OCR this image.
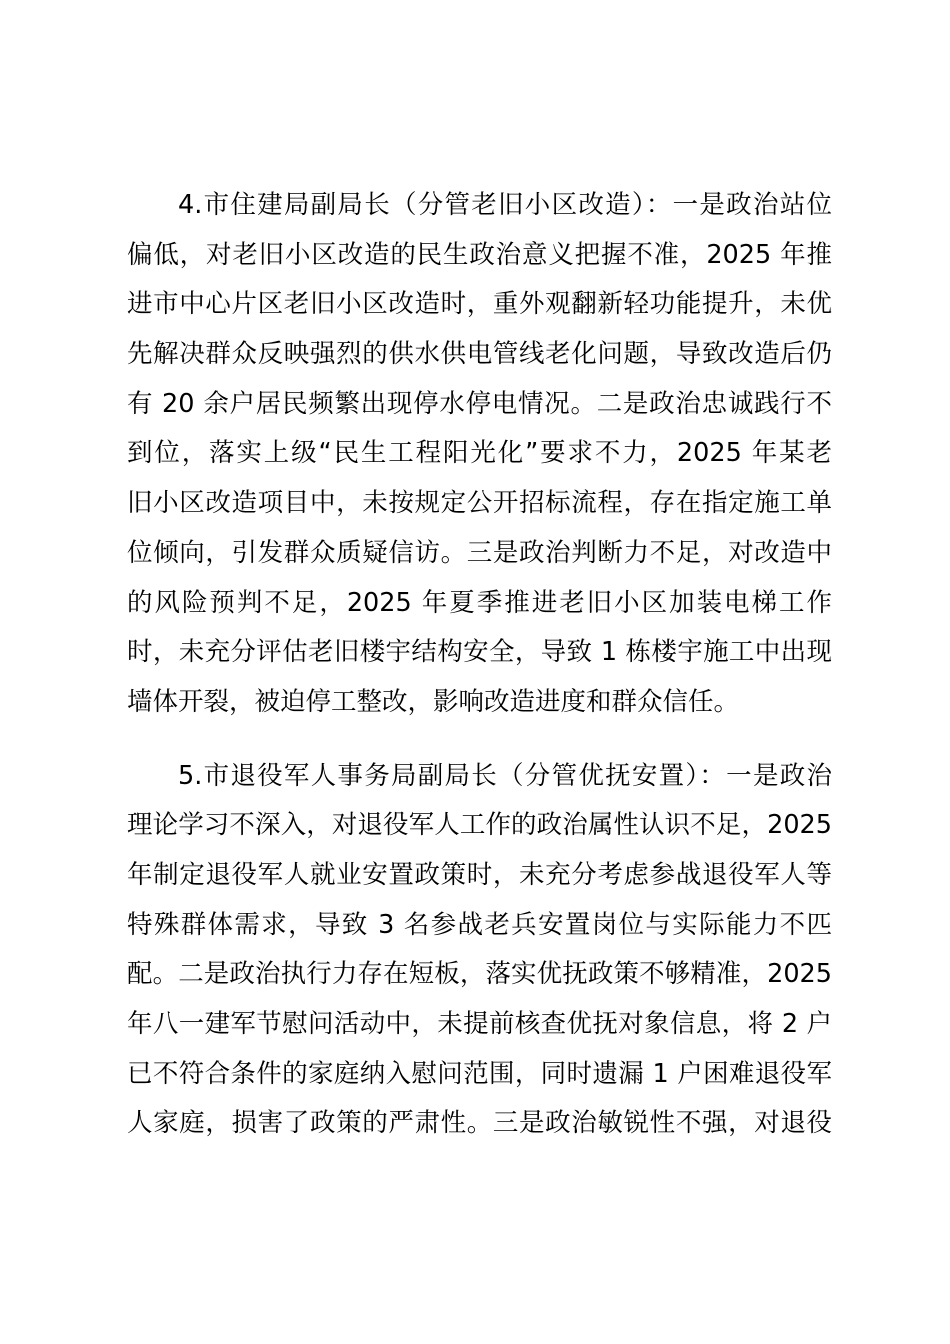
4.市住建局副局长（分管老旧小区改造）：一是政治站位
偏低，对老旧小区改造的民生政治意义把握不准，2025 年推
进市中心片区老旧小区改造时，重外观翻新轻功能提升，未优
先解决群众反映强烈的供水供电管线老化问题，导致改造后仍
有 20 余户居民频繁出现停水停电情况。二是政治忠诚践行不
到位，落实上级“民生工程阳光化”要求不力，2025 年某老
旧小区改造项目中，未按规定公开招标流程，存在指定施工单
位倾向，引发群众质疑信访。三是政治判断力不足，对改造中
的风险预判不足，2025 年夏季推进老旧小区加装电梯工作
时，未充分评估老旧楼宇结构安全，导致 1 栋楼宇施工中出现
墙体开裂，被迫停工整改，影响改造进度和群众信任。
5.市退役军人事务局副局长（分管优抚安置）：一是政治
理论学习不深入，对退役军人工作的政治属性认识不足，2025
年制定退役军人就业安置政策时，未充分考虑参战退役军人等
特殊群体需求，导致 3 名参战老兵安置岗位与实际能力不匹
配。二是政治执行力存在短板，落实优抚政策不够精准，2025
年八一建军节慰问活动中，未提前核查优抚对象信息，将 2 户
已不符合条件的家庭纳入慰问范围，同时遗漏 1 户困难退役军
人家庭，损害了政策的严肃性。三是政治敏锐性不强，对退役
